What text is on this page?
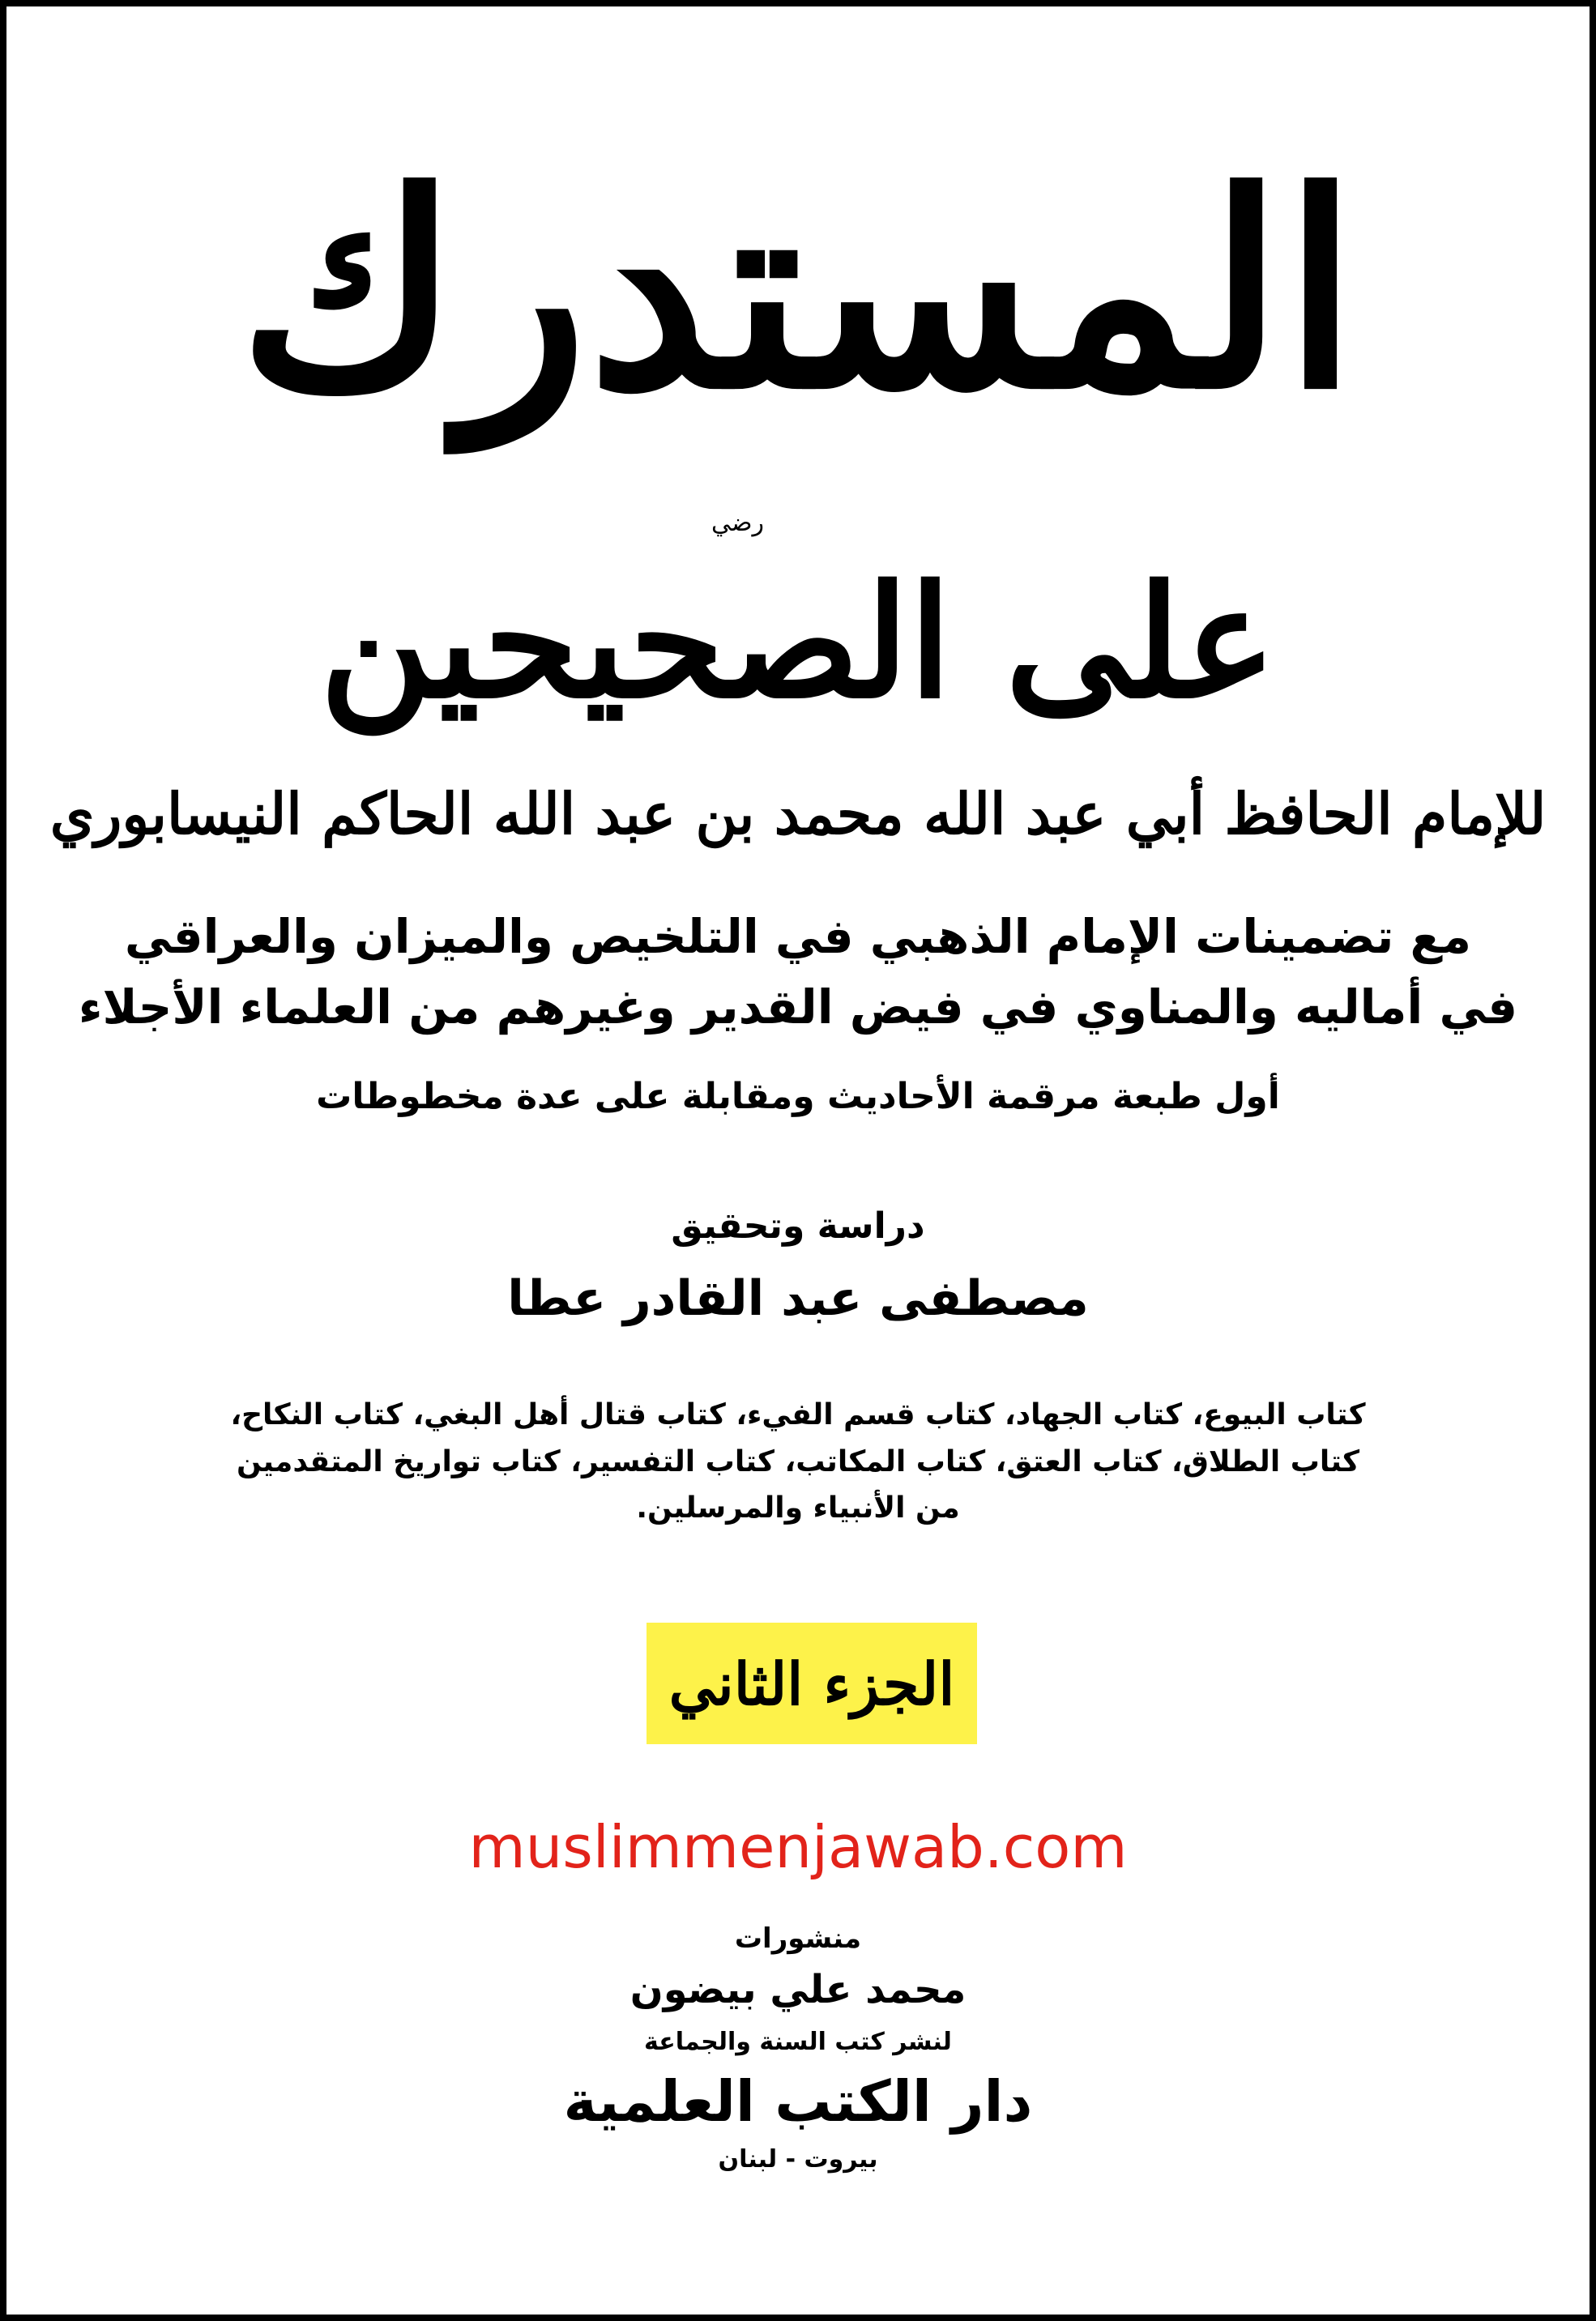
المستدرك
رضي
على الصحيحين
للإمام الحافظ أبي عبد الله محمد بن عبد الله الحاكم النيسابوري
مع تضمينات الإمام الذهبي في التلخيص والميزان والعراقي
في أماليه والمناوي في فيض القدير وغيرهم من العلماء الأجلاء
أول طبعة مرقمة الأحاديث ومقابلة على عدة مخطوطات
دراسة وتحقيق
مصطفى عبد القادر عطا
كتاب البيوع، كتاب الجهاد، كتاب قسم الفيء، كتاب قتال أهل البغي، كتاب النكاح،
كتاب الطلاق، كتاب العتق، كتاب المكاتب، كتاب التفسير، كتاب تواريخ المتقدمين
من الأنبياء والمرسلين.
الجزء الثاني
muslimmenjawab.com
منشورات
محمد علي بيضون
لنشر كتب السنة والجماعة
دار الكتب العلمية
بيروت - لبنان
